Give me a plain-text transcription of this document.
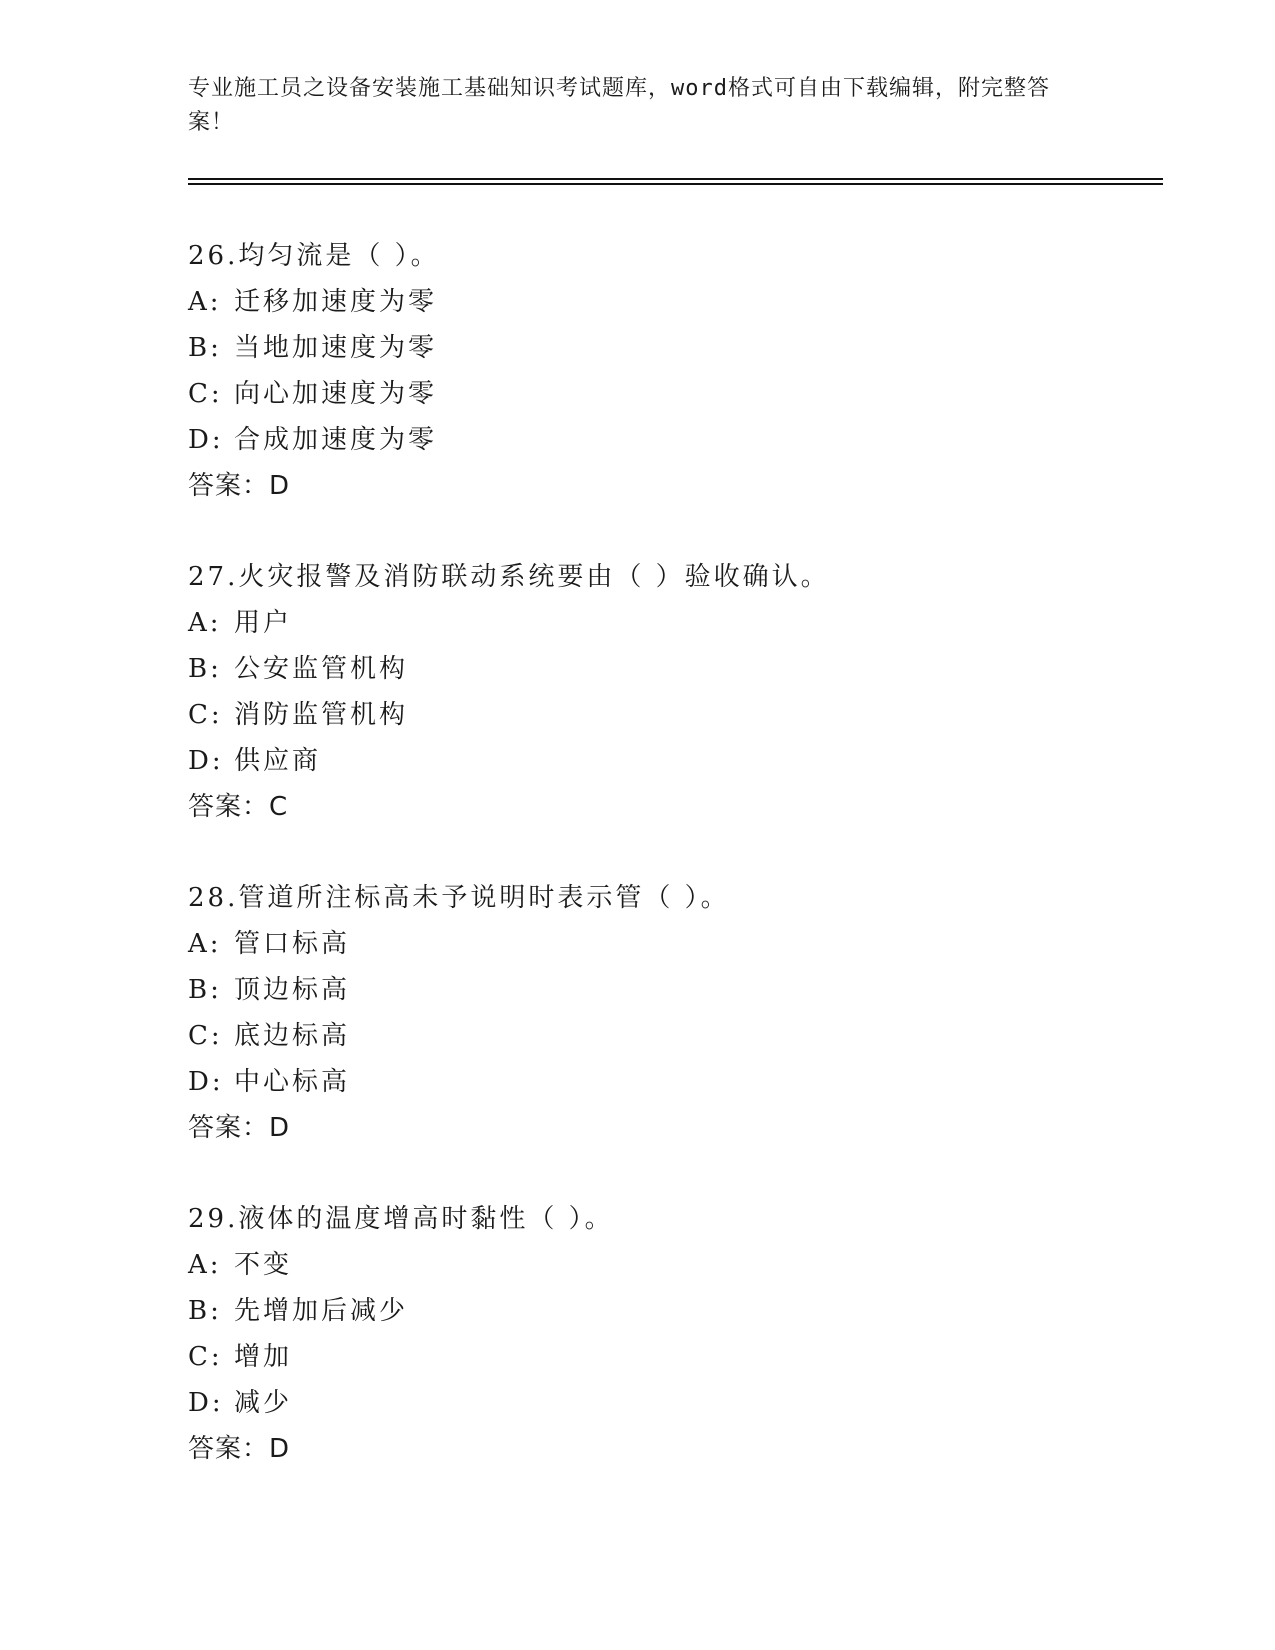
专业施工员之设备安装施工基础知识考试题库，word格式可自由下载编辑，附完整答案！
26.均匀流是（ ）。
A: 迁移加速度为零
B: 当地加速度为零
C: 向心加速度为零
D: 合成加速度为零
答案：D
27.火灾报警及消防联动系统要由（ ）验收确认。
A: 用户
B: 公安监管机构
C: 消防监管机构
D: 供应商
答案：C
28.管道所注标高未予说明时表示管（ ）。
A: 管口标高
B: 顶边标高
C: 底边标高
D: 中心标高
答案：D
29.液体的温度增高时黏性（ ）。
A: 不变
B: 先增加后减少
C: 增加
D: 减少
答案：D
